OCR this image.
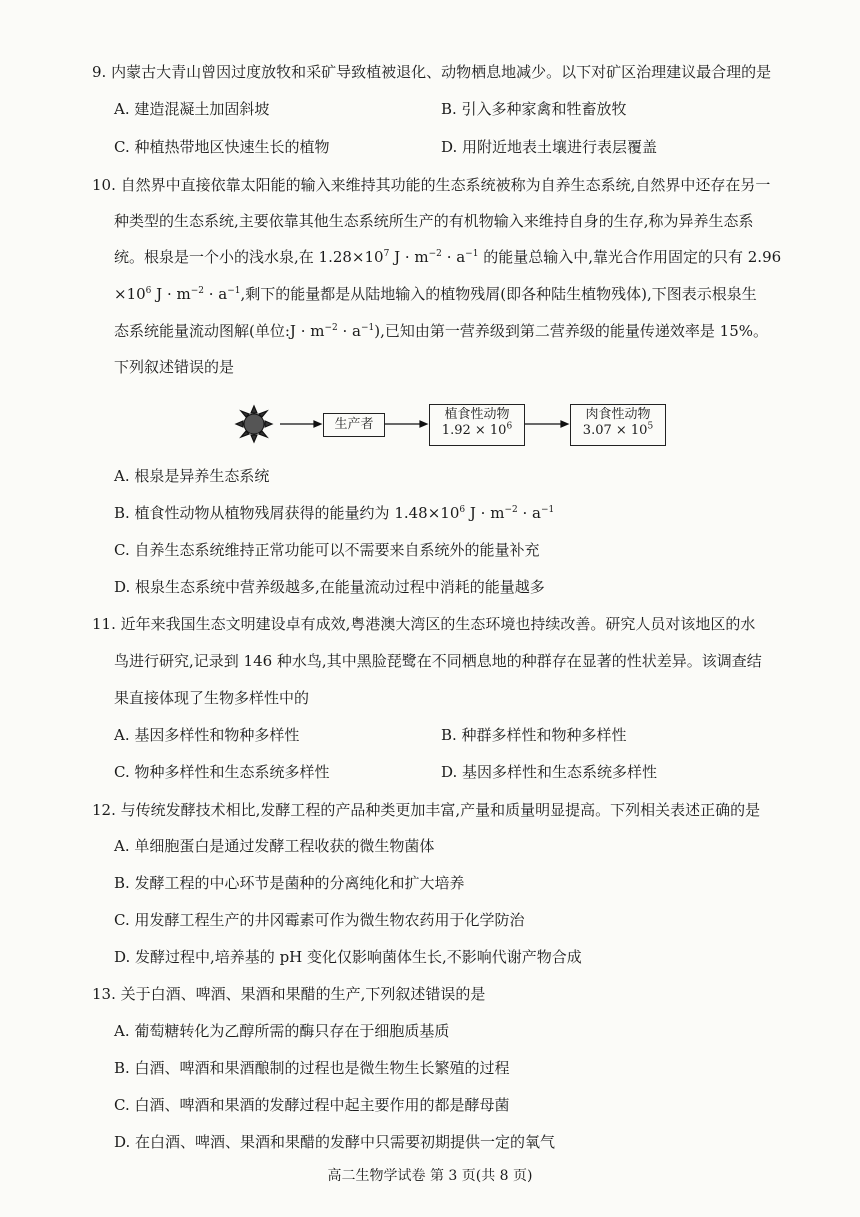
9. 内蒙古大青山曾因过度放牧和采矿导致植被退化、动物栖息地减少。以下对矿区治理建议最合理的是
A. 建造混凝土加固斜坡	B. 引入多种家禽和牲畜放牧
C. 种植热带地区快速生长的植物	D. 用附近地表土壤进行表层覆盖
10. 自然界中直接依靠太阳能的输入来维持其功能的生态系统被称为自养生态系统,自然界中还存在另一
种类型的生态系统,主要依靠其他生态系统所生产的有机物输入来维持自身的生存,称为异养生态系
统。根泉是一个小的浅水泉,在 $1.28\times 10^7$ $J \cdot m^{-2} \cdot a^{-1}$ 的能量总输入中,靠光合作用固定的只有 2.96
$\times 10^6$ $J \cdot m^{-2} \cdot a^{-1}$,剩下的能量都是从陆地输入的植物残屑(即各种陆生植物残体),下图表示根泉生
态系统能量流动图解(单位:J · $m^{-2} \cdot a^{-1}$),已知由第一营养级到第二营养级的能量传递效率是 15%。
下列叙述错误的是
生产者
植食性动物
$1.92 \times 10^6$
肉食性动物
$3.07 \times 10^5$
A. 根泉是异养生态系统
B. 植食性动物从植物残屑获得的能量约为 $1.48\times 10^6$ $J \cdot m^{-2} \cdot a^{-1}$
C. 自养生态系统维持正常功能可以不需要来自系统外的能量补充
D. 根泉生态系统中营养级越多,在能量流动过程中消耗的能量越多
11. 近年来我国生态文明建设卓有成效,粤港澳大湾区的生态环境也持续改善。研究人员对该地区的水
鸟进行研究,记录到 146 种水鸟,其中黑脸琵鹭在不同栖息地的种群存在显著的性状差异。该调查结
果直接体现了生物多样性中的
A. 基因多样性和物种多样性	B. 种群多样性和物种多样性
C. 物种多样性和生态系统多样性	D. 基因多样性和生态系统多样性
12. 与传统发酵技术相比,发酵工程的产品种类更加丰富,产量和质量明显提高。下列相关表述正确的是
A. 单细胞蛋白是通过发酵工程收获的微生物菌体
B. 发酵工程的中心环节是菌种的分离纯化和扩大培养
C. 用发酵工程生产的井冈霉素可作为微生物农药用于化学防治
D. 发酵过程中,培养基的 pH 变化仅影响菌体生长,不影响代谢产物合成
13. 关于白酒、啤酒、果酒和果醋的生产,下列叙述错误的是
A. 葡萄糖转化为乙醇所需的酶只存在于细胞质基质
B. 白酒、啤酒和果酒酿制的过程也是微生物生长繁殖的过程
C. 白酒、啤酒和果酒的发酵过程中起主要作用的都是酵母菌
D. 在白酒、啤酒、果酒和果醋的发酵中只需要初期提供一定的氧气
高二生物学试卷 第 3 页(共 8 页)
